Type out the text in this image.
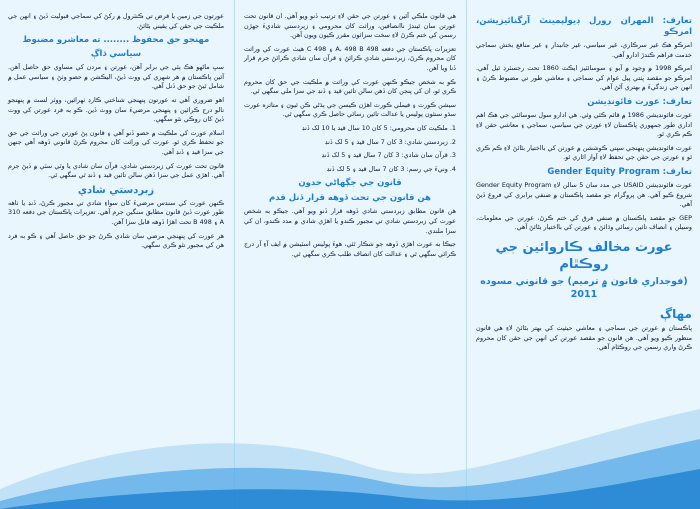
عورتون جي زمين يا قرض تي ڪنٽرول ۾ رکڻ کي سماجي قبوليت ڏيڻ ۽ انهن جي ملڪيت جي حقن کي يقيني بڻائڻ.

مهنجو حق محفوظ ........ ته معاشرو مضبوط
سياسي ڌاڳ

سڀ ماڻهو هڪ ٻئي جي برابر آهن، عورتن ۽ مردن کي مساوي حق حاصل آهن. آئين پاڪستان ۾ هر شهري کي ووٽ ڏيڻ، اليڪشن ۾ حصو وٺڻ ۽ سياسي عمل ۾ شامل ٿيڻ جو حق ڏنل آهي.

اهو ضروري آهي ته عورتون پنهنجي شناختي ڪارڊ ٺهرائين، ووٽر لسٽ ۾ پنهنجو نالو درج ڪرائين ۽ پنهنجي مرضيءَ سان ووٽ ڏين. ڪو به فرد عورتن کي ووٽ ڏيڻ کان روڪي نٿو سگهي.

اسلام عورت کي ملڪيت ۾ حصو ڏنو آهي ۽ قانون پڻ عورتن جي وراثت جي حق جو تحفظ ڪري ٿو. عورت کي وراثت کان محروم ڪرڻ قانوني ڏوهه آهي جنهن جي سزا قيد ۽ ڏنڊ آهي.

قانون تحت عورت کي زبردستي شادي، قرآن سان شادي يا وٽي سٽي ۾ ڏيڻ جرم آهي. اهڙي عمل جي سزا ڏهن سالن تائين قيد ۽ ڏنڊ ٿي سگهي ٿي.

زبردستي شادي

ڪنهن عورت کي سندس مرضيءَ کان سواءِ شادي تي مجبور ڪرڻ، ڏنڊ يا ٺاهه طور عورت ڏيڻ قانون مطابق سنگين جرم آهي. تعزيرات پاڪستان جي دفعه 310 A ۽ 498 B تحت اهڙا ڏوهه قابل سزا آهن.

هر عورت کي پنهنجي مرضي سان شادي ڪرڻ جو حق حاصل آهي ۽ ڪو به فرد هن کي مجبور نٿو ڪري سگهي.

هي قانون ملڪي آئين ۽ عورتن جي حقن لاءِ ترتيب ڏنو ويو آهي. ان قانون تحت عورتن سان ٿيندڙ ناانصافين، وراثت کان محرومي ۽ زبردستي شاديءَ جهڙن رسمن کي ختم ڪرڻ لاءِ سخت سزائون مقرر ڪيون ويون آهن.

تعزيرات پاڪستان جي دفعه 498 A، 498 B ۽ 498 C هيٺ عورت کي وراثت کان محروم ڪرڻ، زبردستي شادي ڪرائڻ ۽ قرآن سان شادي ڪرائڻ جرم قرار ڏنا ويا آهن.

ڪو به شخص جيڪو ڪنهن عورت کي وراثت ۾ ملڪيت جي حق کان محروم ڪري ٿو، ان کي پنجن کان ڏهن سالن تائين قيد ۽ ڏنڊ جي سزا ملي سگهي ٿي.

سيشن ڪورٽ ۽ فيملي ڪورٽ اهڙن ڪيسن جي ٻڌڻي ڪن ٿيون ۽ متاثره عورت سڌو سنئون پوليس يا عدالت تائين رسائي حاصل ڪري سگهي ٿي.

1. ملڪيت کان محرومي: 5 کان 10 سال قيد يا 10 لک ڏنڊ

2. زبردستي شادي: 3 کان 7 سال قيد ۽ 5 لک ڏنڊ

3. قرآن سان شادي: 3 کان 7 سال قيد ۽ 5 لک ڏنڊ

4. ونيءَ جي رسم: 3 کان 7 سال قيد ۽ 5 لک ڏنڊ

قانون جي جڳهاڻي حدون
هن قانون جي تحت ڏوهه قرار ڏنل قدم

هن قانون مطابق زبردستي شادي ڏوهه قرار ڏنو ويو آهي. جيڪو به شخص عورت کي زبردستي شادي تي مجبور ڪندو يا اهڙي شادي ۾ مدد ڪندو، ان کي سزا ملندي.

جيڪا به عورت اهڙي ڏوهه جو شڪار ٿئي، هوءَ پوليس اسٽيشن ۾ ايف آءِ آر درج ڪرائي سگهي ٿي ۽ عدالت کان انصاف طلب ڪري سگهي ٿي.

تعارف: المهران رورل ڊيولپمينٽ آرگنائيزيشن، امرڪو

امرڪو هڪ غير سرڪاري، غير سياسي، غير جانبدار ۽ غير منافع بخش سماجي خدمت فراهم ڪندڙ ادارو آهي.

امرڪو 1998 ۾ وجود ۾ آيو ۽ سوسائٽيز ايڪٽ 1860 تحت رجسٽرڊ ٿيل آهي. امرڪو جو مقصد پٺتي پيل عوام کي سماجي ۽ معاشي طور تي مضبوط ڪرڻ ۽ انهن جي زندگيءَ ۾ بهتري آڻڻ آهي.

تعارف: عورت فائونڊيشن

عورت فائونڊيشن 1986 ۾ قائم ڪئي وئي. هي ادارو سول سوسائٽي جي هڪ اهم اداري طور جمهوري پاڪستان لاءِ عورتن جي سياسي، سماجي ۽ معاشي حقن لاءِ ڪم ڪري ٿو.

عورت فائونڊيشن پنهنجي سڀني ڪوششن ۾ عورتن کي بااختيار بڻائڻ لاءِ ڪم ڪري ٿو ۽ عورتن جي حقن جي تحفظ لاءِ آواز اٿاري ٿو.

تعارف: Gender Equity Program

عورت فائونڊيشن USAID جي مدد سان 5 سالن لاءِ Gender Equity Program شروع ڪيو آهي. هن پروگرام جو مقصد پاڪستان ۾ صنفي برابري کي فروغ ڏيڻ آهي.

GEP جو مقصد پاڪستان ۾ صنفي فرق کي ختم ڪرڻ، عورتن جي معلومات، وسيلن ۽ انصاف تائين رسائي وڌائڻ ۽ عورتن کي بااختيار بڻائڻ آهي.

عورت مخالف ڪاروائين جي روڪٿام
(فوجداري قانون ۾ ترميم) جو قانوني مسوده 2011
مهاڳ

پاڪستان ۾ عورتن جي سماجي ۽ معاشي حيثيت کي بهتر بڻائڻ لاءِ هي قانون منظور ڪيو ويو آهي. هن قانون جو مقصد عورتن کي انهن جي حقن کان محروم ڪرڻ واري رسمن جي روڪٿام آهي.
